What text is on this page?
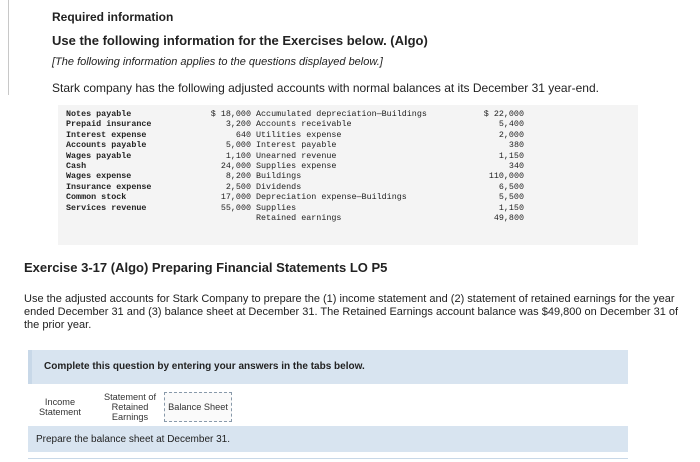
Required information
Use the following information for the Exercises below. (Algo)
[The following information applies to the questions displayed below.]
Stark company has the following adjusted accounts with normal balances at its December 31 year-end.
Notes payable
Prepaid insurance
Interest expense
Accounts payable
Wages payable
Cash
Wages expense
Insurance expense
Common stock
Services revenue
$ 18,000
3,200
640
5,000
1,100
24,000
8,200
2,500
17,000
55,000
Accumulated depreciation—Buildings
Accounts receivable
Utilities expense
Interest payable
Unearned revenue
Supplies expense
Buildings
Dividends
Depreciation expense—Buildings
Supplies
Retained earnings
$ 22,000
5,400
2,000
380
1,150
340
110,000
6,500
5,500
1,150
49,800
Exercise 3-17 (Algo) Preparing Financial Statements LO P5
Use the adjusted accounts for Stark Company to prepare the (1) income statement and (2) statement of retained earnings for the year ended December 31 and (3) balance sheet at December 31. The Retained Earnings account balance was $49,800 on December 31 of the prior year.
Complete this question by entering your answers in the tabs below.
Income Statement
Statement of Retained Earnings
Balance Sheet
Prepare the balance sheet at December 31.
